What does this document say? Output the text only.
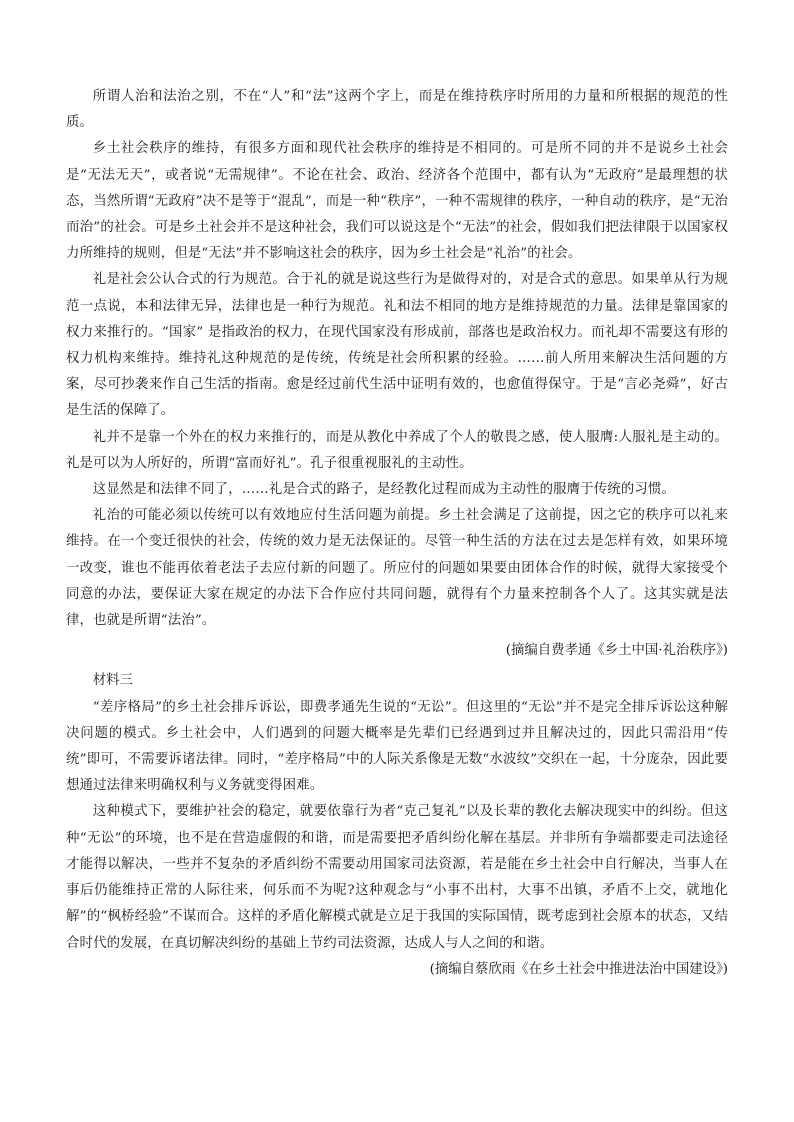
所谓人治和法治之别，不在“人”和“法”这两个字上，而是在维持秩序时所用的力量和所根据的规范的性质。

乡土社会秩序的维持，有很多方面和现代社会秩序的维持是不相同的。可是所不同的并不是说乡土社会是“无法无天”，或者说“无需规律”。不论在社会、政治、经济各个范围中，都有认为“无政府”是最理想的状态，当然所谓“无政府”决不是等于“混乱”，而是一种“秩序”，一种不需规律的秩序，一种自动的秩序，是“无治而治”的社会。可是乡土社会并不是这种社会，我们可以说这是个“无法”的社会，假如我们把法律限于以国家权力所维持的规则，但是“无法”并不影响这社会的秩序，因为乡土社会是“礼治”的社会。

礼是社会公认合式的行为规范。合于礼的就是说这些行为是做得对的，对是合式的意思。如果单从行为规范一点说，本和法律无异，法律也是一种行为规范。礼和法不相同的地方是维持规范的力量。法律是靠国家的权力来推行的。“国家” 是指政治的权力，在现代国家没有形成前，部落也是政治权力。而礼却不需要这有形的权力机构来维持。维持礼这种规范的是传统，传统是社会所积累的经验。……前人所用来解决生活问题的方案，尽可抄袭来作自己生活的指南。愈是经过前代生活中证明有效的，也愈值得保守。于是“言必尧舜”，好古是生活的保障了。

礼并不是靠一个外在的权力来推行的，而是从教化中养成了个人的敬畏之感，使人服膺:人服礼是主动的。礼是可以为人所好的，所谓“富而好礼”。孔子很重视服礼的主动性。

这显然是和法律不同了，……礼是合式的路子，是经教化过程而成为主动性的服膺于传统的习惯。

礼治的可能必须以传统可以有效地应付生活问题为前提。乡土社会满足了这前提，因之它的秩序可以礼来维持。在一个变迁很快的社会，传统的效力是无法保证的。尽管一种生活的方法在过去是怎样有效，如果环境一改变，谁也不能再依着老法子去应付新的问题了。所应付的问题如果要由团体合作的时候，就得大家接受个同意的办法，要保证大家在规定的办法下合作应付共同问题，就得有个力量来控制各个人了。这其实就是法律，也就是所谓“法治”。

(摘编自费孝通《乡土中国·礼治秩序》)

材料三

“差序格局”的乡土社会排斥诉讼，即费孝通先生说的“无讼”。但这里的“无讼”并不是完全排斥诉讼这种解决问题的模式。乡土社会中，人们遇到的问题大概率是先辈们已经遇到过并且解决过的，因此只需沿用“传统”即可，不需要诉诸法律。同时，“差序格局”中的人际关系像是无数“水波纹”交织在一起，十分庞杂，因此要想通过法律来明确权利与义务就变得困难。

这种模式下，要维护社会的稳定，就要依靠行为者“克己复礼”以及长辈的教化去解决现实中的纠纷。但这种“无讼”的环境，也不是在营造虚假的和谐，而是需要把矛盾纠纷化解在基层。并非所有争端都要走司法途径才能得以解决，一些并不复杂的矛盾纠纷不需要动用国家司法资源，若是能在乡土社会中自行解决，当事人在事后仍能维持正常的人际往来，何乐而不为呢?这种观念与“小事不出村，大事不出镇，矛盾不上交，就地化解”的“枫桥经验”不谋而合。这样的矛盾化解模式就是立足于我国的实际国情，既考虑到社会原本的状态，又结合时代的发展，在真切解决纠纷的基础上节约司法资源，达成人与人之间的和谐。

(摘编自蔡欣雨《在乡土社会中推进法治中国建设》)
